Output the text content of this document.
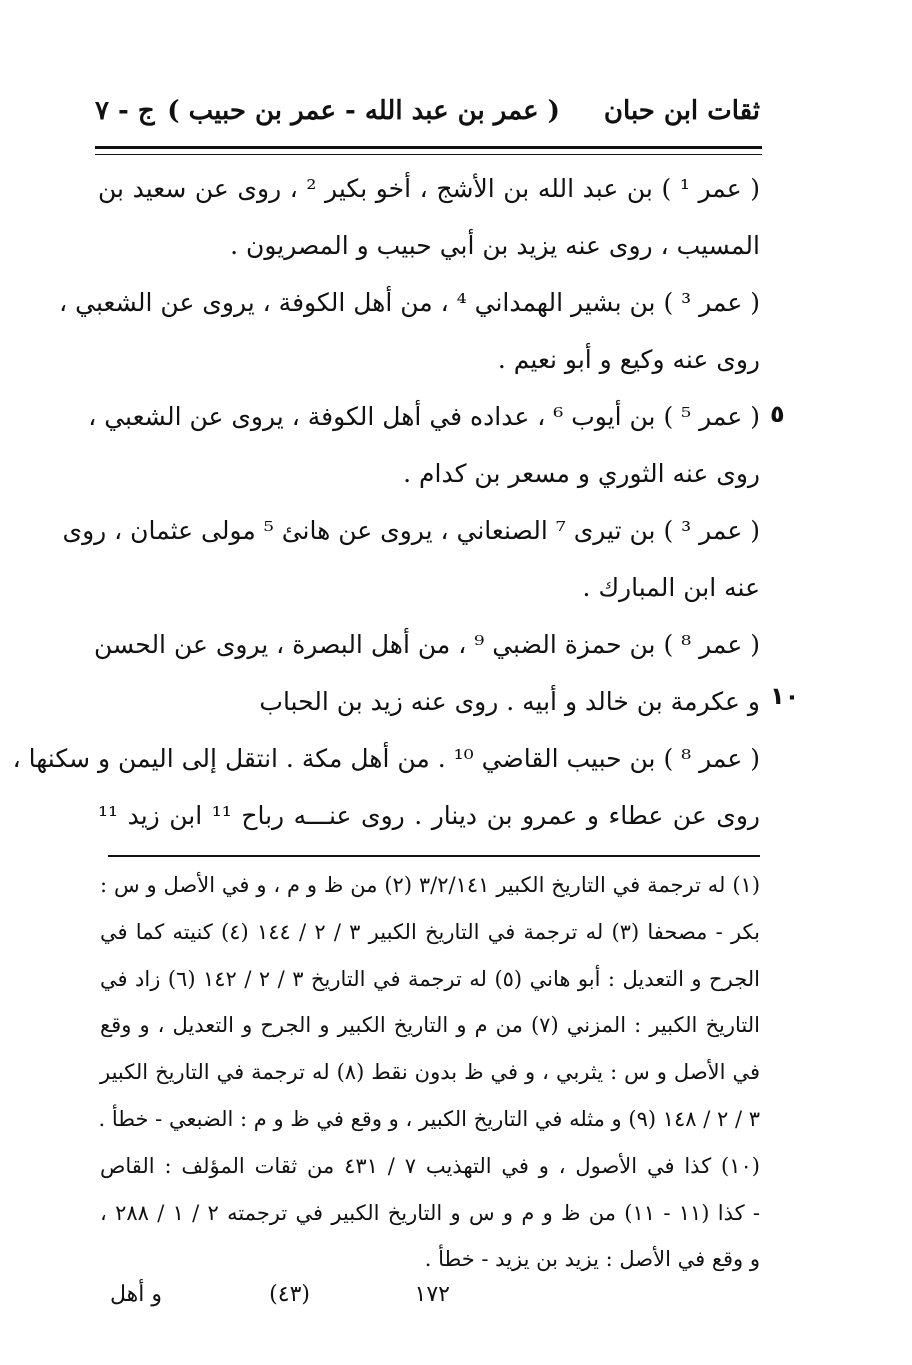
ثقات ابن حبان
( عمر بن عبد الله - عمر بن حبيب )
ج - ٧
٥
١٠
( عمر ¹ ) بن عبد الله بن الأشج ، أخو بكير ² ، روى عن سعيد بن
المسيب ، روى عنه يزيد بن أبي حبيب و المصريون .
( عمر ³ ) بن بشير الهمداني ⁴ ، من أهل الكوفة ، يروى عن الشعبي ،
روى عنه وكيع و أبو نعيم .
( عمر ⁵ ) بن أيوب ⁶ ، عداده في أهل الكوفة ، يروى عن الشعبي ،
روى عنه الثوري و مسعر بن كدام .
( عمر ³ ) بن تيرى ⁷ الصنعاني ، يروى عن هانئ ⁵ مولى عثمان ، روى
عنه ابن المبارك .
( عمر ⁸ ) بن حمزة الضبي ⁹ ، من أهل البصرة ، يروى عن الحسن
و عكرمة بن خالد و أبيه . روى عنه زيد بن الحباب
( عمر ⁸ ) بن حبيب القاضي ¹⁰ . من أهل مكة . انتقل إلى اليمن و سكنها ،
روى عن عطاء و عمرو بن دينار . روى عنـــه رباح ¹¹ ابن زيد ¹¹
(١) له ترجمة في التاريخ الكبير ٣/٢/١٤١ (٢) من ظ و م ، و في الأصل و س :
بكر - مصحفا (٣) له ترجمة في التاريخ الكبير ٣ / ٢ / ١٤٤ (٤) كنيته كما في
الجرح و التعديل : أبو هاني (٥) له ترجمة في التاريخ ٣ / ٢ / ١٤٢ (٦) زاد في
التاريخ الكبير : المزني (٧) من م و التاريخ الكبير و الجرح و التعديل ، و وقع
في الأصل و س : يثربي ، و في ظ بدون نقط (٨) له ترجمة في التاريخ الكبير
٣ / ٢ / ١٤٨ (٩) و مثله في التاريخ الكبير ، و وقع في ظ و م : الضبعي - خطأ .
(١٠) كذا في الأصول ، و في التهذيب ٧ / ٤٣١ من ثقات المؤلف : القاص
- كذا (١١ - ١١) من ظ و م و س و التاريخ الكبير في ترجمته ٢ / ١ / ٢٨٨ ،
و وقع في الأصل : يزيد بن يزيد - خطأ .
١٧٢
(٤٣)
و أهل
